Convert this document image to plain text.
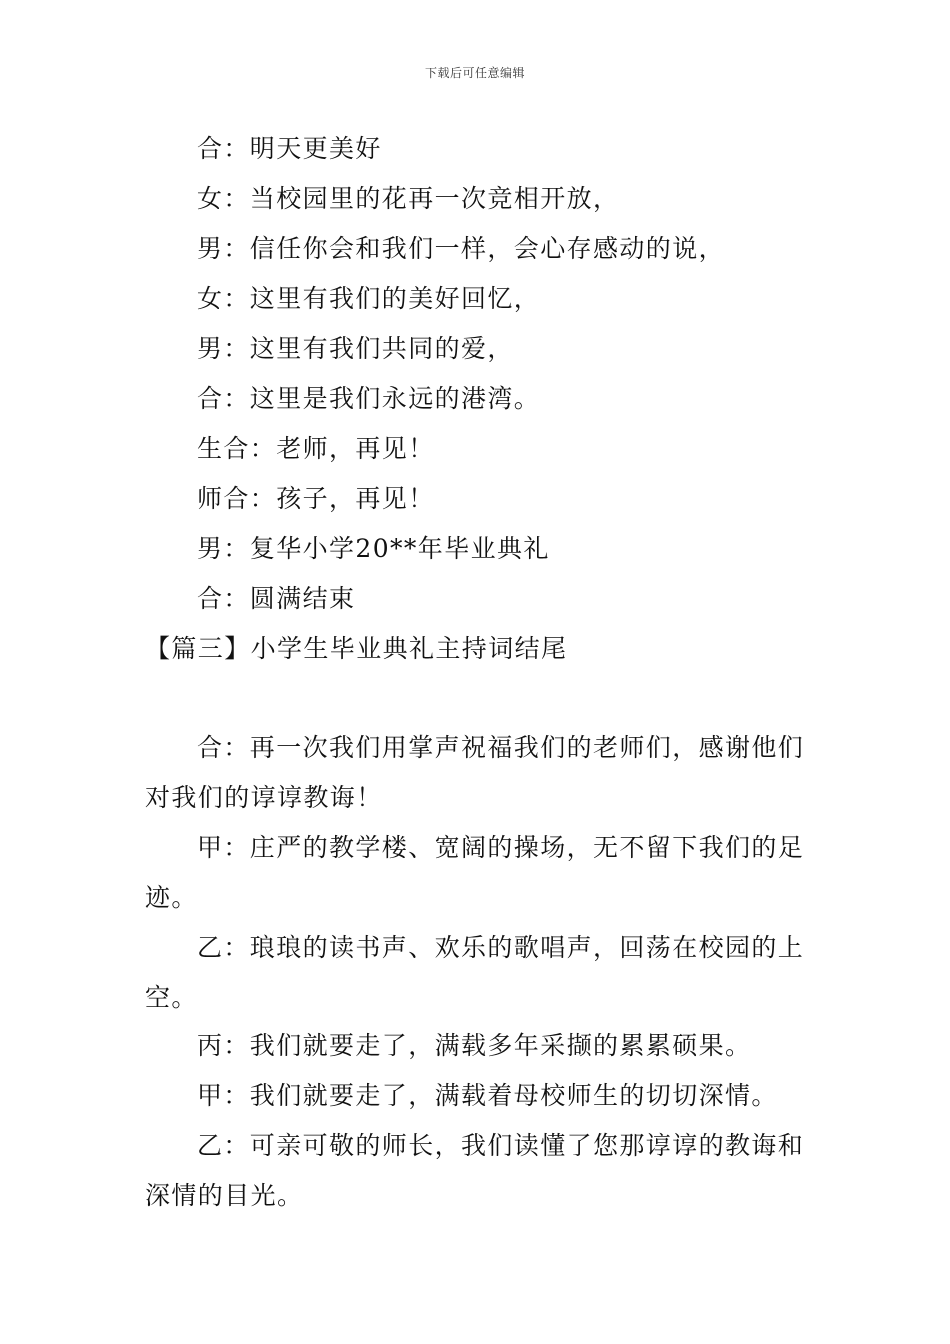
下载后可任意编辑
合：明天更美好
女：当校园里的花再一次竞相开放，
男：信任你会和我们一样，会心存感动的说，
女：这里有我们的美好回忆，
男：这里有我们共同的爱，
合：这里是我们永远的港湾。
生合：老师，再见！
师合：孩子，再见！
男：复华小学20**年毕业典礼
合：圆满结束
【篇三】小学生毕业典礼主持词结尾
合：再一次我们用掌声祝福我们的老师们，感谢他们
对我们的谆谆教诲！
甲：庄严的教学楼、宽阔的操场，无不留下我们的足
迹。
乙：琅琅的读书声、欢乐的歌唱声，回荡在校园的上
空。
丙：我们就要走了，满载多年采撷的累累硕果。
甲：我们就要走了，满载着母校师生的切切深情。
乙：可亲可敬的师长，我们读懂了您那谆谆的教诲和
深情的目光。
